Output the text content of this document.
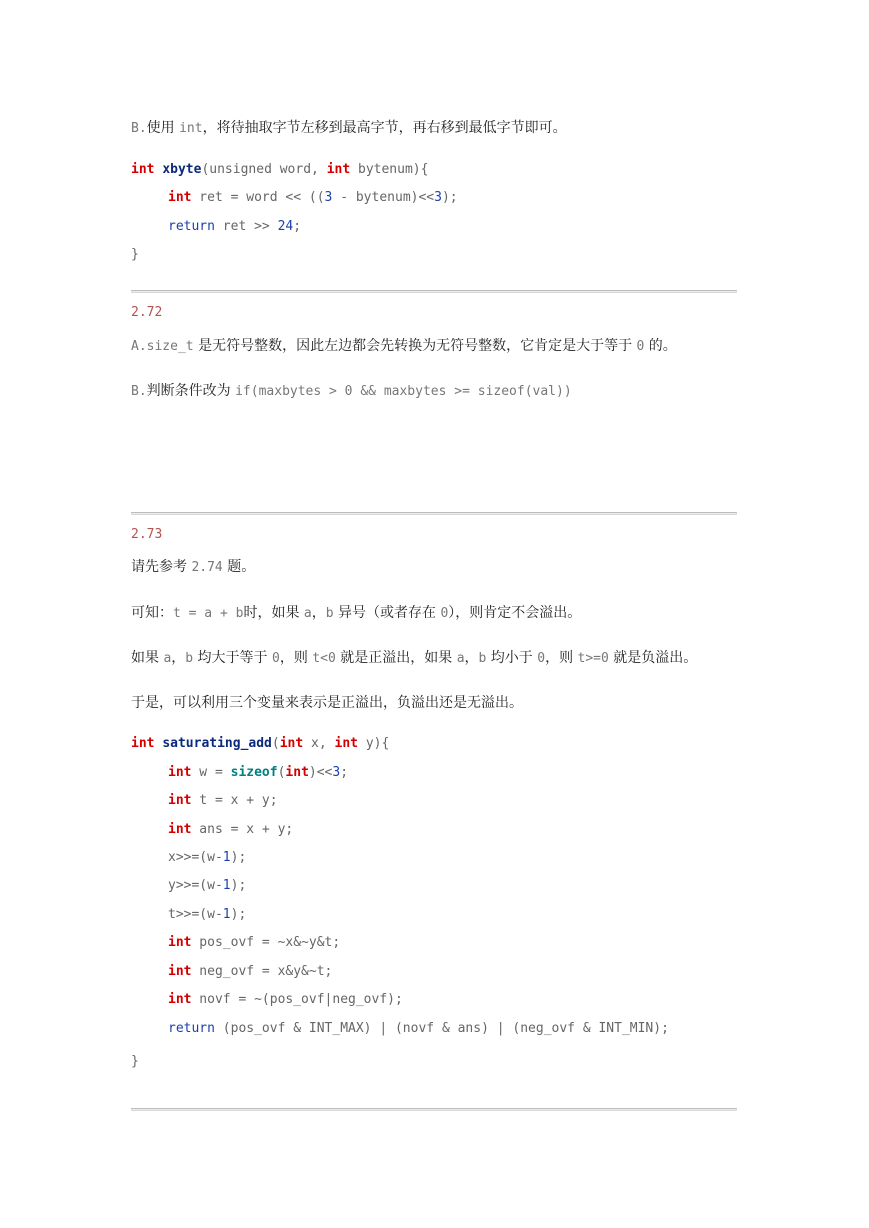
B.使用 int，将待抽取字节左移到最高字节，再右移到最低字节即可。
int xbyte(unsigned word, int bytenum){
int ret = word << ((3 - bytenum)<<3);
return ret >> 24;
}
2.72
A.size_t 是无符号整数，因此左边都会先转换为无符号整数，它肯定是大于等于 0 的。
B.判断条件改为 if(maxbytes > 0 && maxbytes >= sizeof(val))
2.73
请先参考 2.74 题。
可知：t = a + b时，如果 a，b 异号（或者存在 0），则肯定不会溢出。
如果 a，b 均大于等于 0，则 t<0 就是正溢出，如果 a，b 均小于 0，则 t>=0 就是负溢出。
于是，可以利用三个变量来表示是正溢出，负溢出还是无溢出。
int saturating_add(int x, int y){
int w = sizeof(int)<<3;
int t = x + y;
int ans = x + y;
x>>=(w-1);
y>>=(w-1);
t>>=(w-1);
int pos_ovf = ~x&~y&t;
int neg_ovf = x&y&~t;
int novf = ~(pos_ovf|neg_ovf);
return (pos_ovf & INT_MAX) | (novf & ans) | (neg_ovf & INT_MIN);
}
